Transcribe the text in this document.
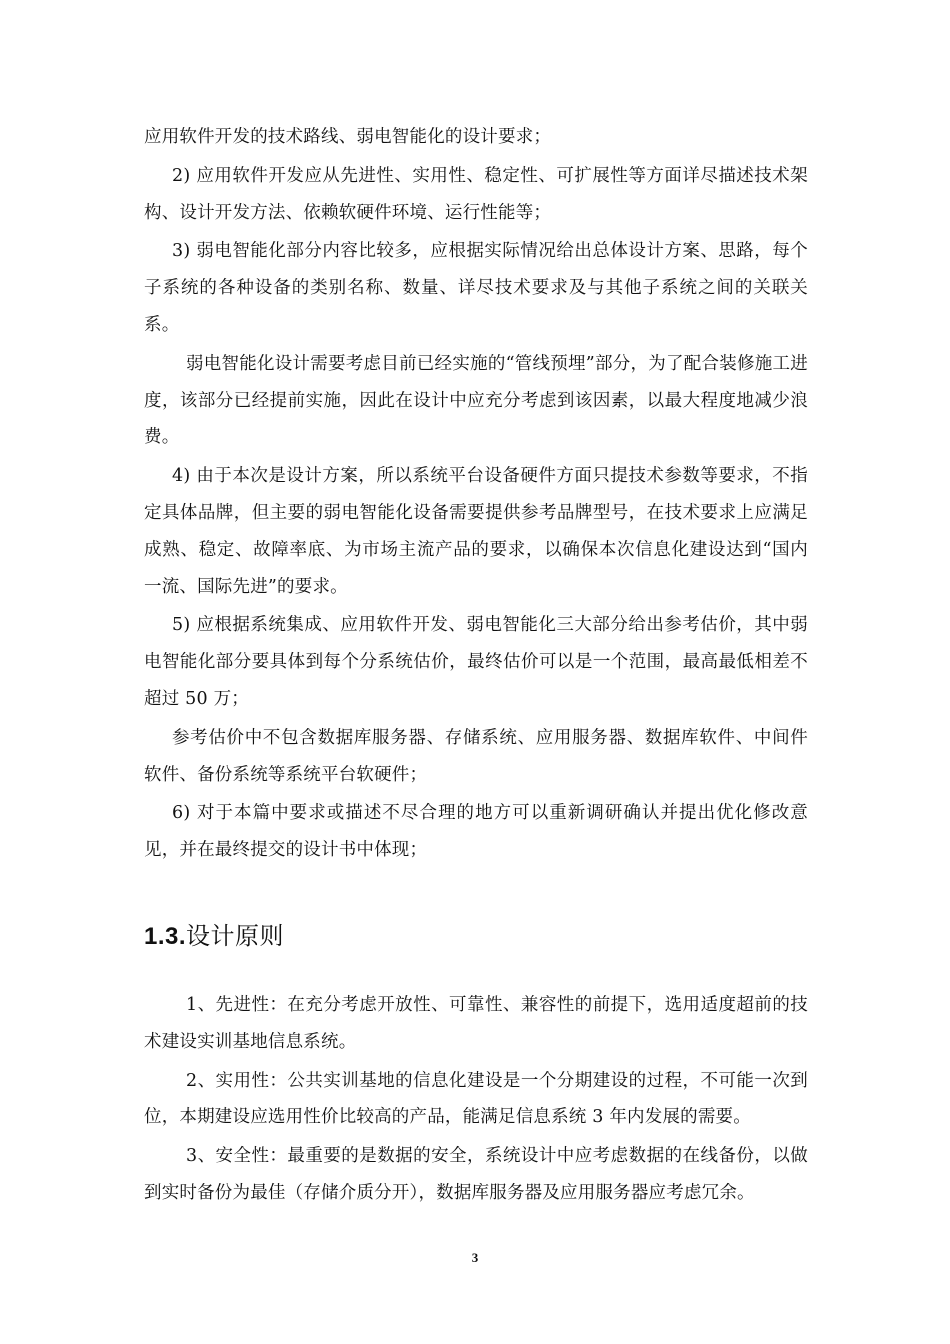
应用软件开发的技术路线、弱电智能化的设计要求；

2) 应用软件开发应从先进性、实用性、稳定性、可扩展性等方面详尽描述技术架构、设计开发方法、依赖软硬件环境、运行性能等；

3) 弱电智能化部分内容比较多，应根据实际情况给出总体设计方案、思路，每个子系统的各种设备的类别名称、数量、详尽技术要求及与其他子系统之间的关联关系。

弱电智能化设计需要考虑目前已经实施的“管线预埋”部分，为了配合装修施工进度，该部分已经提前实施，因此在设计中应充分考虑到该因素，以最大程度地减少浪费。

4) 由于本次是设计方案，所以系统平台设备硬件方面只提技术参数等要求，不指定具体品牌，但主要的弱电智能化设备需要提供参考品牌型号，在技术要求上应满足成熟、稳定、故障率底、为市场主流产品的要求，以确保本次信息化建设达到“国内一流、国际先进”的要求。

5) 应根据系统集成、应用软件开发、弱电智能化三大部分给出参考估价，其中弱电智能化部分要具体到每个分系统估价，最终估价可以是一个范围，最高最低相差不超过 50 万；

参考估价中不包含数据库服务器、存储系统、应用服务器、数据库软件、中间件软件、备份系统等系统平台软硬件；

6) 对于本篇中要求或描述不尽合理的地方可以重新调研确认并提出优化修改意见，并在最终提交的设计书中体现；

1.3.设计原则

1、先进性：在充分考虑开放性、可靠性、兼容性的前提下，选用适度超前的技术建设实训基地信息系统。

2、实用性：公共实训基地的信息化建设是一个分期建设的过程，不可能一次到位，本期建设应选用性价比较高的产品，能满足信息系统 3 年内发展的需要。

3、安全性：最重要的是数据的安全，系统设计中应考虑数据的在线备份，以做到实时备份为最佳（存储介质分开），数据库服务器及应用服务器应考虑冗余。

3
